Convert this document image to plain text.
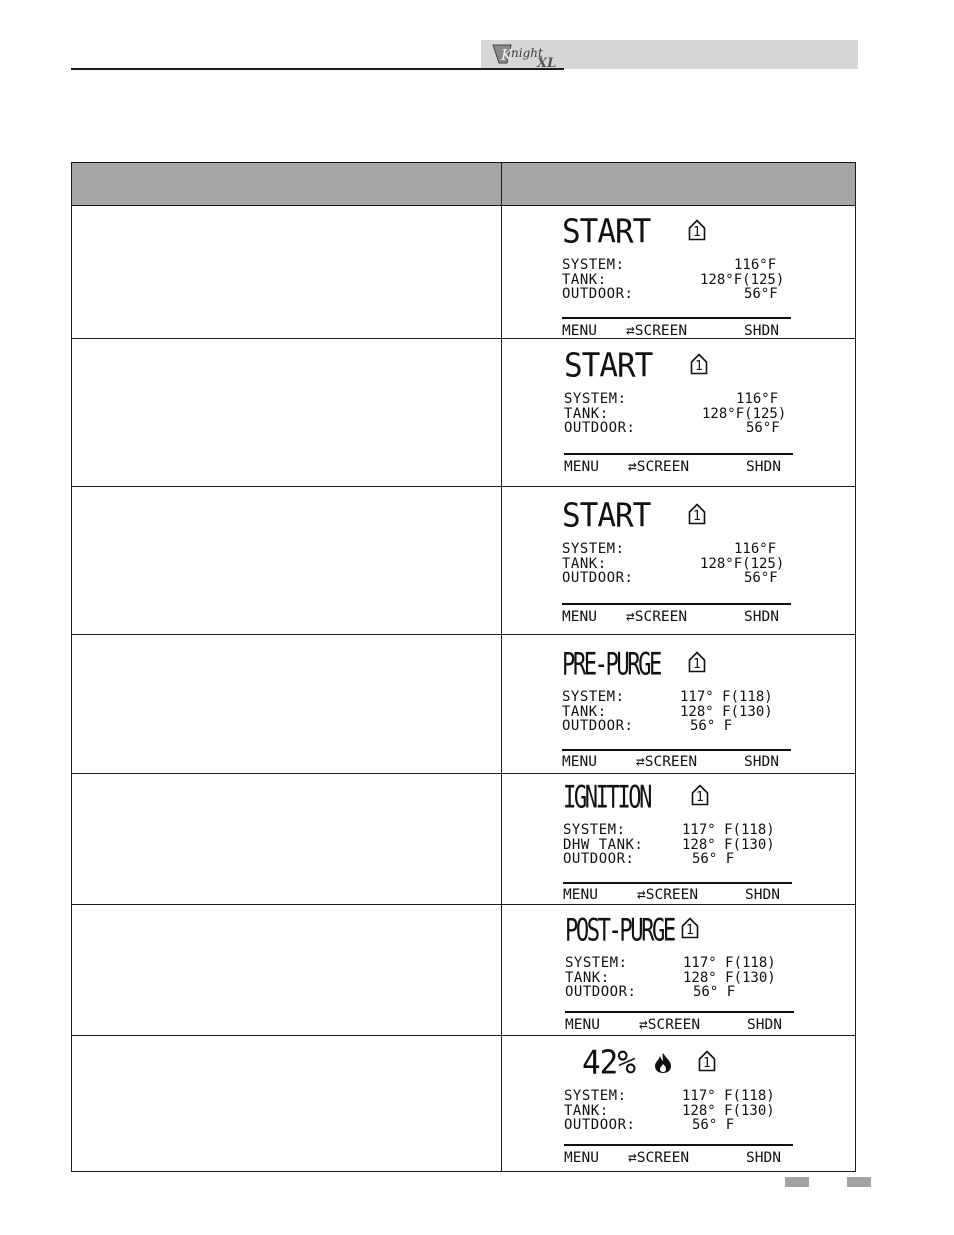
K
night
XL
START	1
SYSTEM:	116°F
TANK:	128°F(125)
OUTDOOR:	56°F
MENU ⇄SCREEN	SHDN
START	1
SYSTEM:	116°F
TANK:	128°F(125)
OUTDOOR:	56°F
MENU ⇄SCREEN	SHDN
START	1
SYSTEM:	116°F
TANK:	128°F(125)
OUTDOOR:	56°F
MENU ⇄SCREEN	SHDN
PRE-PURGE	1
SYSTEM:	117° F(118)
TANK:	128° F(130)
OUTDOOR:	56° F
MENU	⇄SCREEN	SHDN
IGNITION	1
SYSTEM:	117° F(118)
DHW TANK:	128° F(130)
OUTDOOR:	56° F
MENU	⇄SCREEN	SHDN
POST-PURGE 1
SYSTEM:	117° F(118)
TANK:	128° F(130)
OUTDOOR:	56° F
MENU	⇄SCREEN	SHDN
42%	1
SYSTEM:	117° F(118)
TANK:	128° F(130)
OUTDOOR:	56° F
MENU ⇄SCREEN	SHDN
